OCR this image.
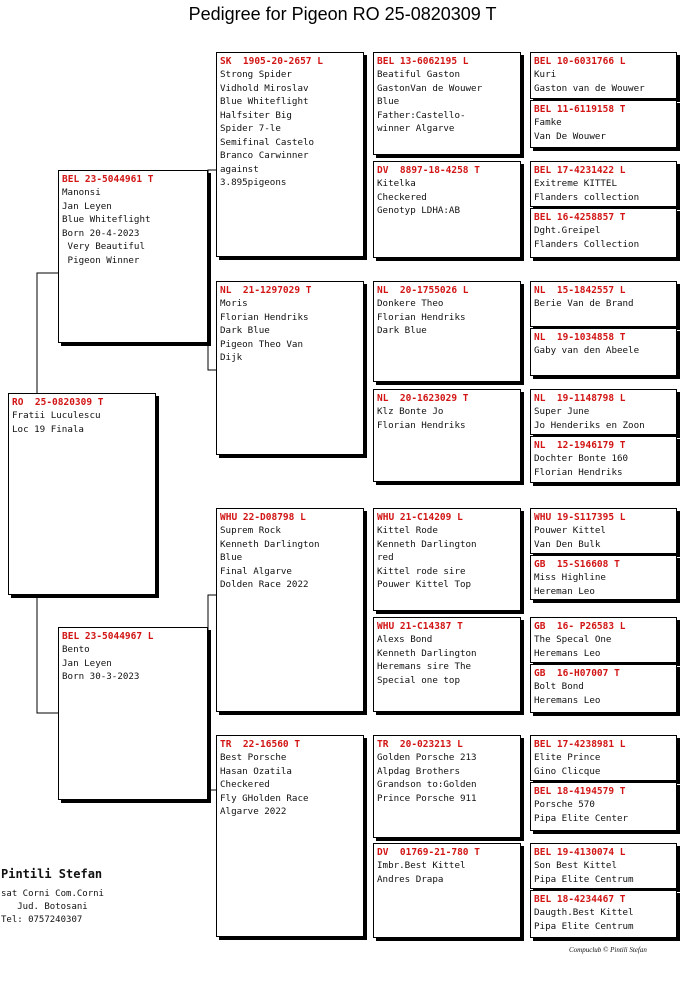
Pedigree for Pigeon RO 25-0820309 T
RO  25-0820309 T
Fratii Luculescu
Loc 19 Finala
BEL 23-5044961 T
Manonsi
Jan Leyen
Blue Whiteflight
Born 20-4-2023
Very Beautiful
Pigeon Winner
BEL 23-5044967 L
Bento
Jan Leyen
Born 30-3-2023
SK  1905-20-2657 L
Strong Spider
Vidhold Miroslav
Blue Whiteflight
Halfsiter Big
Spider 7-le
Semifinal Castelo
Branco Carwinner
against
3.895pigeons
NL  21-1297029 T
Moris
Florian Hendriks
Dark Blue
Pigeon Theo Van
Dijk
WHU 22-D08798 L
Suprem Rock
Kenneth Darlington
Blue
Final Algarve
Dolden Race 2022
TR  22-16560 T
Best Porsche
Hasan Ozatila
Checkered
Fly GHolden Race
Algarve 2022
BEL 13-6062195 L
Beatiful Gaston
GastonVan de Wouwer
Blue
Father:Castello-
winner Algarve
DV  8897-18-4258 T
Kitelka
Checkered
Genotyp LDHA:AB
NL  20-1755026 L
Donkere Theo
Florian Hendriks
Dark Blue
NL  20-1623029 T
Klz Bonte Jo
Florian Hendriks
WHU 21-C14209 L
Kittel Rode
Kenneth Darlington
red
Kittel rode sire
Pouwer Kittel Top
WHU 21-C14387 T
Alexs Bond
Kenneth Darlington
Heremans sire The
Special one top
TR  20-023213 L
Golden Porsche 213
Alpdag Brothers
Grandson to:Golden
Prince Porsche 911
DV  01769-21-780 T
Imbr.Best Kittel
Andres Drapa
BEL 10-6031766 L
Kuri
Gaston van de Wouwer
BEL 11-6119158 T
Famke
Van De Wouwer
BEL 17-4231422 L
Exitreme KITTEL
Flanders collection
BEL 16-4258857 T
Dght.Greipel
Flanders Collection
NL  15-1842557 L
Berie Van de Brand
NL  19-1034858 T
Gaby van den Abeele
NL  19-1148798 L
Super June
Jo Henderiks en Zoon
NL  12-1946179 T
Dochter Bonte 160
Florian Hendriks
WHU 19-S117395 L
Pouwer Kittel
Van Den Bulk
GB  15-S16608 T
Miss Highline
Hereman Leo
GB  16- P26583 L
The Specal One
Heremans Leo
GB  16-H07007 T
Bolt Bond
Heremans Leo
BEL 17-4238981 L
Elite Prince
Gino Clicque
BEL 18-4194579 T
Porsche 570
Pipa Elite Center
BEL 19-4130074 L
Son Best Kittel
Pipa Elite Centrum
BEL 18-4234467 T
Daugth.Best Kittel
Pipa Elite Centrum
Pintili Stefan
sat Corni Com.Corni
Jud. Botosani
Tel: 0757240307
Compuclub © Pintili Stefan
